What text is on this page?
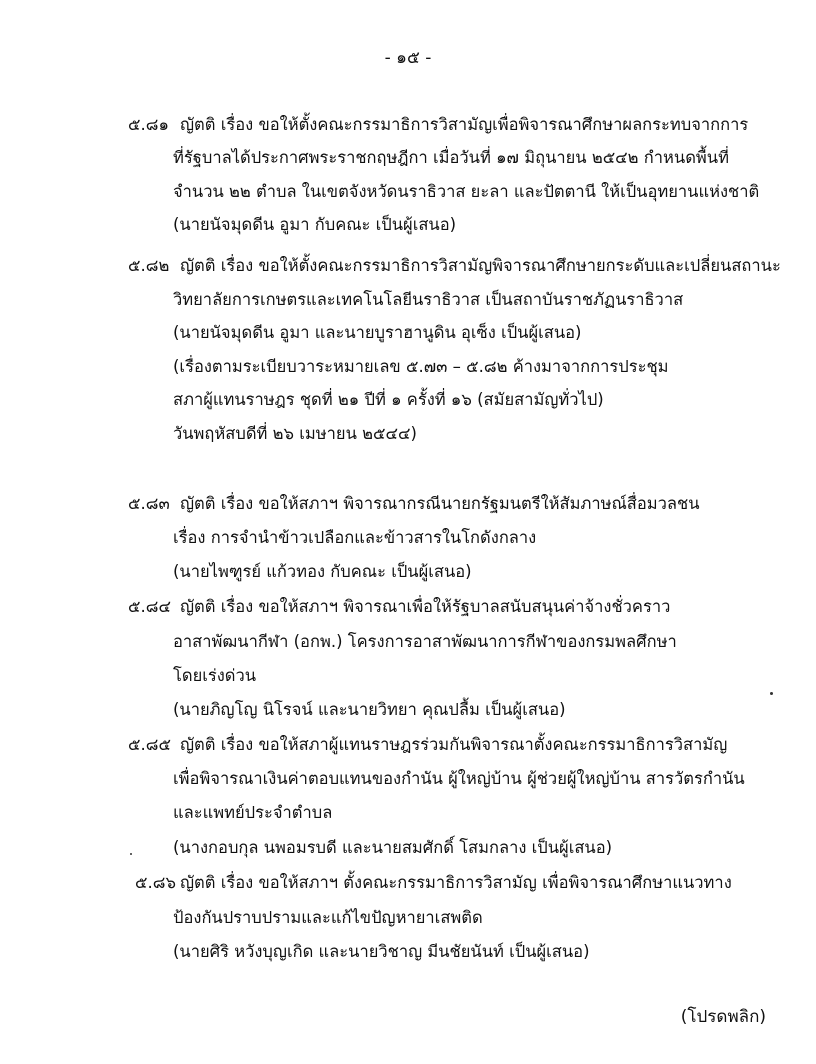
- ๑๕ -
๕.๘๑ ญัตติ เรื่อง ขอให้ตั้งคณะกรรมาธิการวิสามัญเพื่อพิจารณาศึกษาผลกระทบจากการ
ที่รัฐบาลได้ประกาศพระราชกฤษฎีกา เมื่อวันที่ ๑๗ มิถุนายน ๒๕๔๒ กำหนดพื้นที่
จำนวน ๒๒ ตำบล ในเขตจังหวัดนราธิวาส ยะลา และปัตตานี ให้เป็นอุทยานแห่งชาติ
(นายนัจมุดดีน อูมา กับคณะ เป็นผู้เสนอ)
๕.๘๒ ญัตติ เรื่อง ขอให้ตั้งคณะกรรมาธิการวิสามัญพิจารณาศึกษายกระดับและเปลี่ยนสถานะ
วิทยาลัยการเกษตรและเทคโนโลยีนราธิวาส เป็นสถาบันราชภัฏนราธิวาส
(นายนัจมุดดีน อูมา และนายบูราฮานูดิน อุเซ็ง เป็นผู้เสนอ)
(เรื่องตามระเบียบวาระหมายเลข ๕.๗๓ – ๕.๘๒ ค้างมาจากการประชุม
สภาผู้แทนราษฎร ชุดที่ ๒๑ ปีที่ ๑ ครั้งที่ ๑๖ (สมัยสามัญทั่วไป)
วันพฤหัสบดีที่ ๒๖ เมษายน ๒๕๔๔)
๕.๘๓ ญัตติ เรื่อง ขอให้สภาฯ พิจารณากรณีนายกรัฐมนตรีให้สัมภาษณ์สื่อมวลชน
เรื่อง การจำนำข้าวเปลือกและข้าวสารในโกดังกลาง
(นายไพฑูรย์ แก้วทอง กับคณะ เป็นผู้เสนอ)
๕.๘๔ ญัตติ เรื่อง ขอให้สภาฯ พิจารณาเพื่อให้รัฐบาลสนับสนุนค่าจ้างชั่วคราว
อาสาพัฒนากีฬา (อกพ.) โครงการอาสาพัฒนาการกีฬาของกรมพลศึกษา
โดยเร่งด่วน
(นายภิญโญ นิโรจน์ และนายวิทยา คุณปลื้ม เป็นผู้เสนอ)
๕.๘๕ ญัตติ เรื่อง ขอให้สภาผู้แทนราษฎรร่วมกันพิจารณาตั้งคณะกรรมาธิการวิสามัญ
เพื่อพิจารณาเงินค่าตอบแทนของกำนัน ผู้ใหญ่บ้าน ผู้ช่วยผู้ใหญ่บ้าน สารวัตรกำนัน
และแพทย์ประจำตำบล
(นางกอบกุล นพอมรบดี และนายสมศักดิ์ โสมกลาง เป็นผู้เสนอ)
๕.๘๖ ญัตติ เรื่อง ขอให้สภาฯ ตั้งคณะกรรมาธิการวิสามัญ เพื่อพิจารณาศึกษาแนวทาง
ป้องกันปราบปรามและแก้ไขปัญหายาเสพติด
(นายศิริ หวังบุญเกิด และนายวิชาญ มีนชัยนันท์ เป็นผู้เสนอ)
(โปรดพลิก)
